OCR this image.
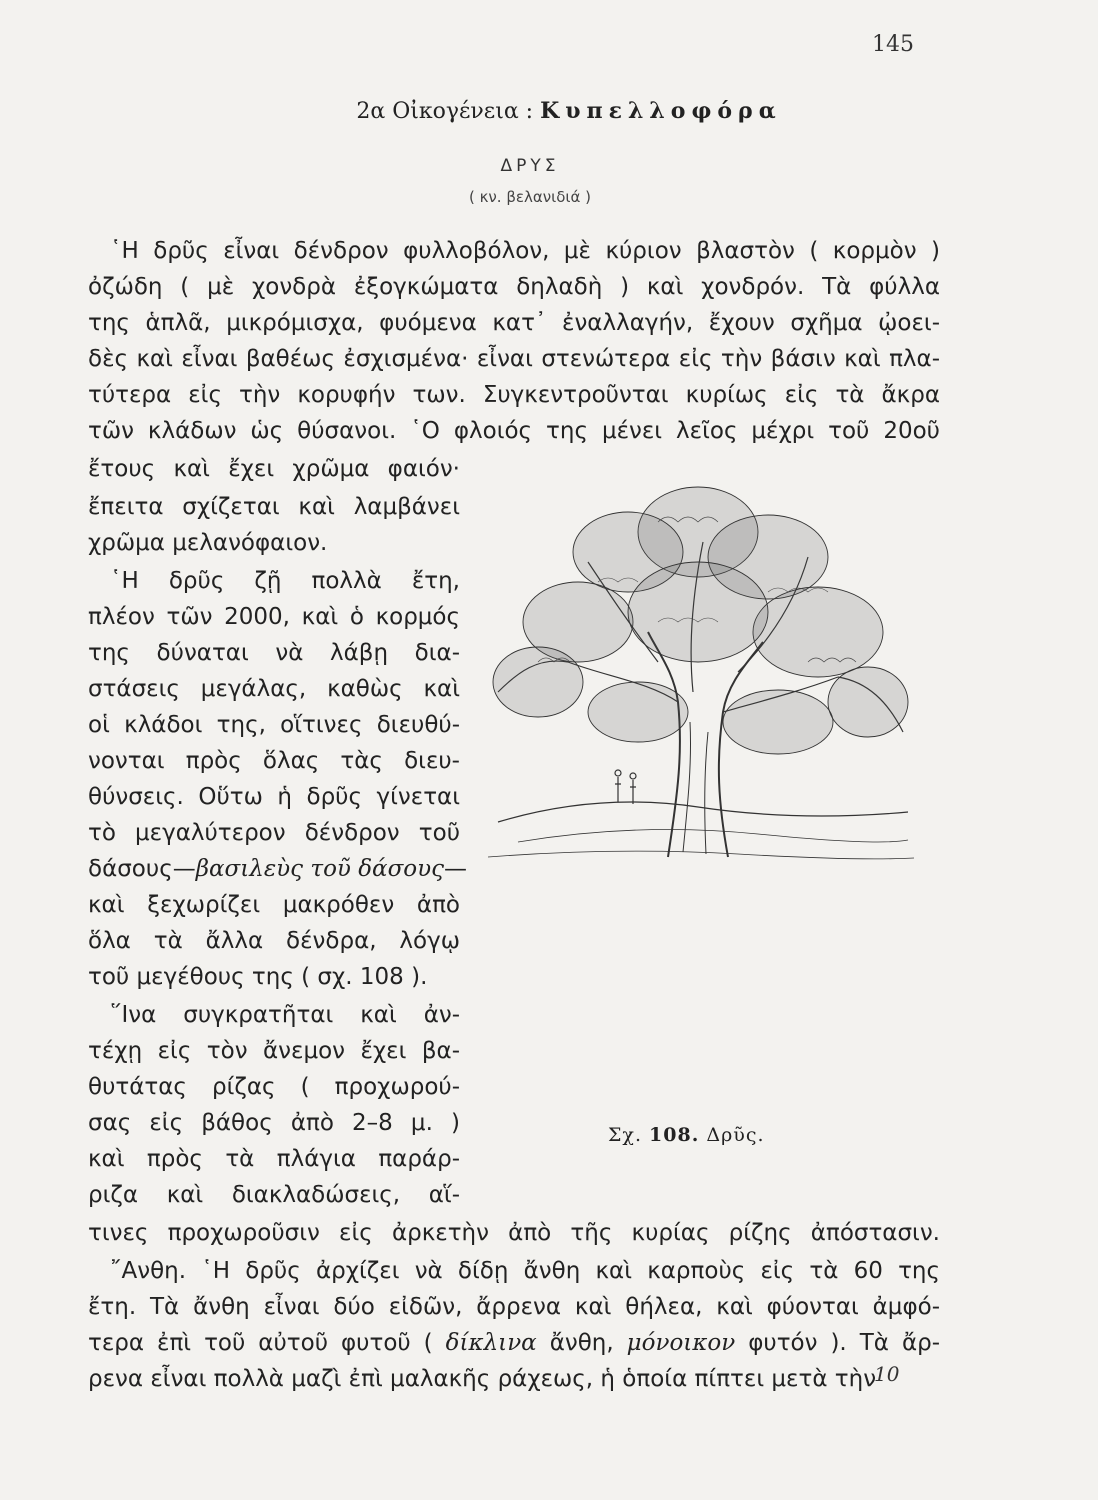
145
2α Οἰκογένεια : Κυπελλοφόρα
ΔΡΥΣ
( κν. βελανιδιά )
῾Η δρῦς εἶναι δένδρον φυλλοβόλον, μὲ κύριον βλαστὸν ( κορμὸν )
ὀζώδη ( μὲ χονδρὰ ἐξογκώματα δηλαδὴ ) καὶ χονδρόν. Τὰ φύλλα
της ἁπλᾶ, μικρόμισχα, φυόμενα κατ᾽ ἐναλλαγήν, ἔχουν σχῆμα ᾠοει-
δὲς καὶ εἶναι βαθέως ἐσχισμένα· εἶναι στενώτερα εἰς τὴν βάσιν καὶ πλα-
τύτερα εἰς τὴν κορυφήν των. Συγκεντροῦνται κυρίως εἰς τὰ ἄκρα
τῶν κλάδων ὡς θύσανοι. ῾Ο φλοιός της μένει λεῖος μέχρι τοῦ 20οῦ
ἔτους καὶ ἔχει χρῶμα φαιόν·
ἔπειτα σχίζεται καὶ λαμβάνει
χρῶμα μελανόφαιον.
῾Η δρῦς ζῇ πολλὰ ἔτη,
πλέον τῶν 2000, καὶ ὁ κορμός
της δύναται νὰ λάβῃ δια-
στάσεις μεγάλας, καθὼς καὶ
οἱ κλάδοι της, οἵτινες διευθύ-
νονται πρὸς ὅλας τὰς διευ-
θύνσεις. Οὕτω ἡ δρῦς γίνεται
τὸ μεγαλύτερον δένδρον τοῦ
δάσους—βασιλεὺς τοῦ δάσους—
καὶ ξεχωρίζει μακρόθεν ἀπὸ
ὅλα τὰ ἄλλα δένδρα, λόγῳ
τοῦ μεγέθους της ( σχ. 108 ).
῞Ινα συγκρατῆται καὶ ἀν-
τέχῃ εἰς τὸν ἄνεμον ἔχει βα-
θυτάτας ρίζας ( προχωρού-
σας εἰς βάθος ἀπὸ 2–8 μ. )
καὶ πρὸς τὰ πλάγια παράρ-
ριζα καὶ διακλαδώσεις, αἵ-
τινες προχωροῦσιν εἰς ἀρκετὴν ἀπὸ τῆς κυρίας ρίζης ἀπόστασιν.
῎Ανθη. ῾Η δρῦς ἀρχίζει νὰ δίδῃ ἄνθη καὶ καρποὺς εἰς τὰ 60 της
ἔτη. Τὰ ἄνθη εἶναι δύο εἰδῶν, ἄρρενα καὶ θήλεα, καὶ φύονται ἀμφό-
τερα ἐπὶ τοῦ αὐτοῦ φυτοῦ ( δίκλινα ἄνθη, μόνοικον φυτόν ). Τὰ ἄρ-
ρενα εἶναι πολλὰ μαζὶ ἐπὶ μαλακῆς ράχεως, ἡ ὁποία πίπτει μετὰ τὴν
Σχ. 108. Δρῦς.
10
